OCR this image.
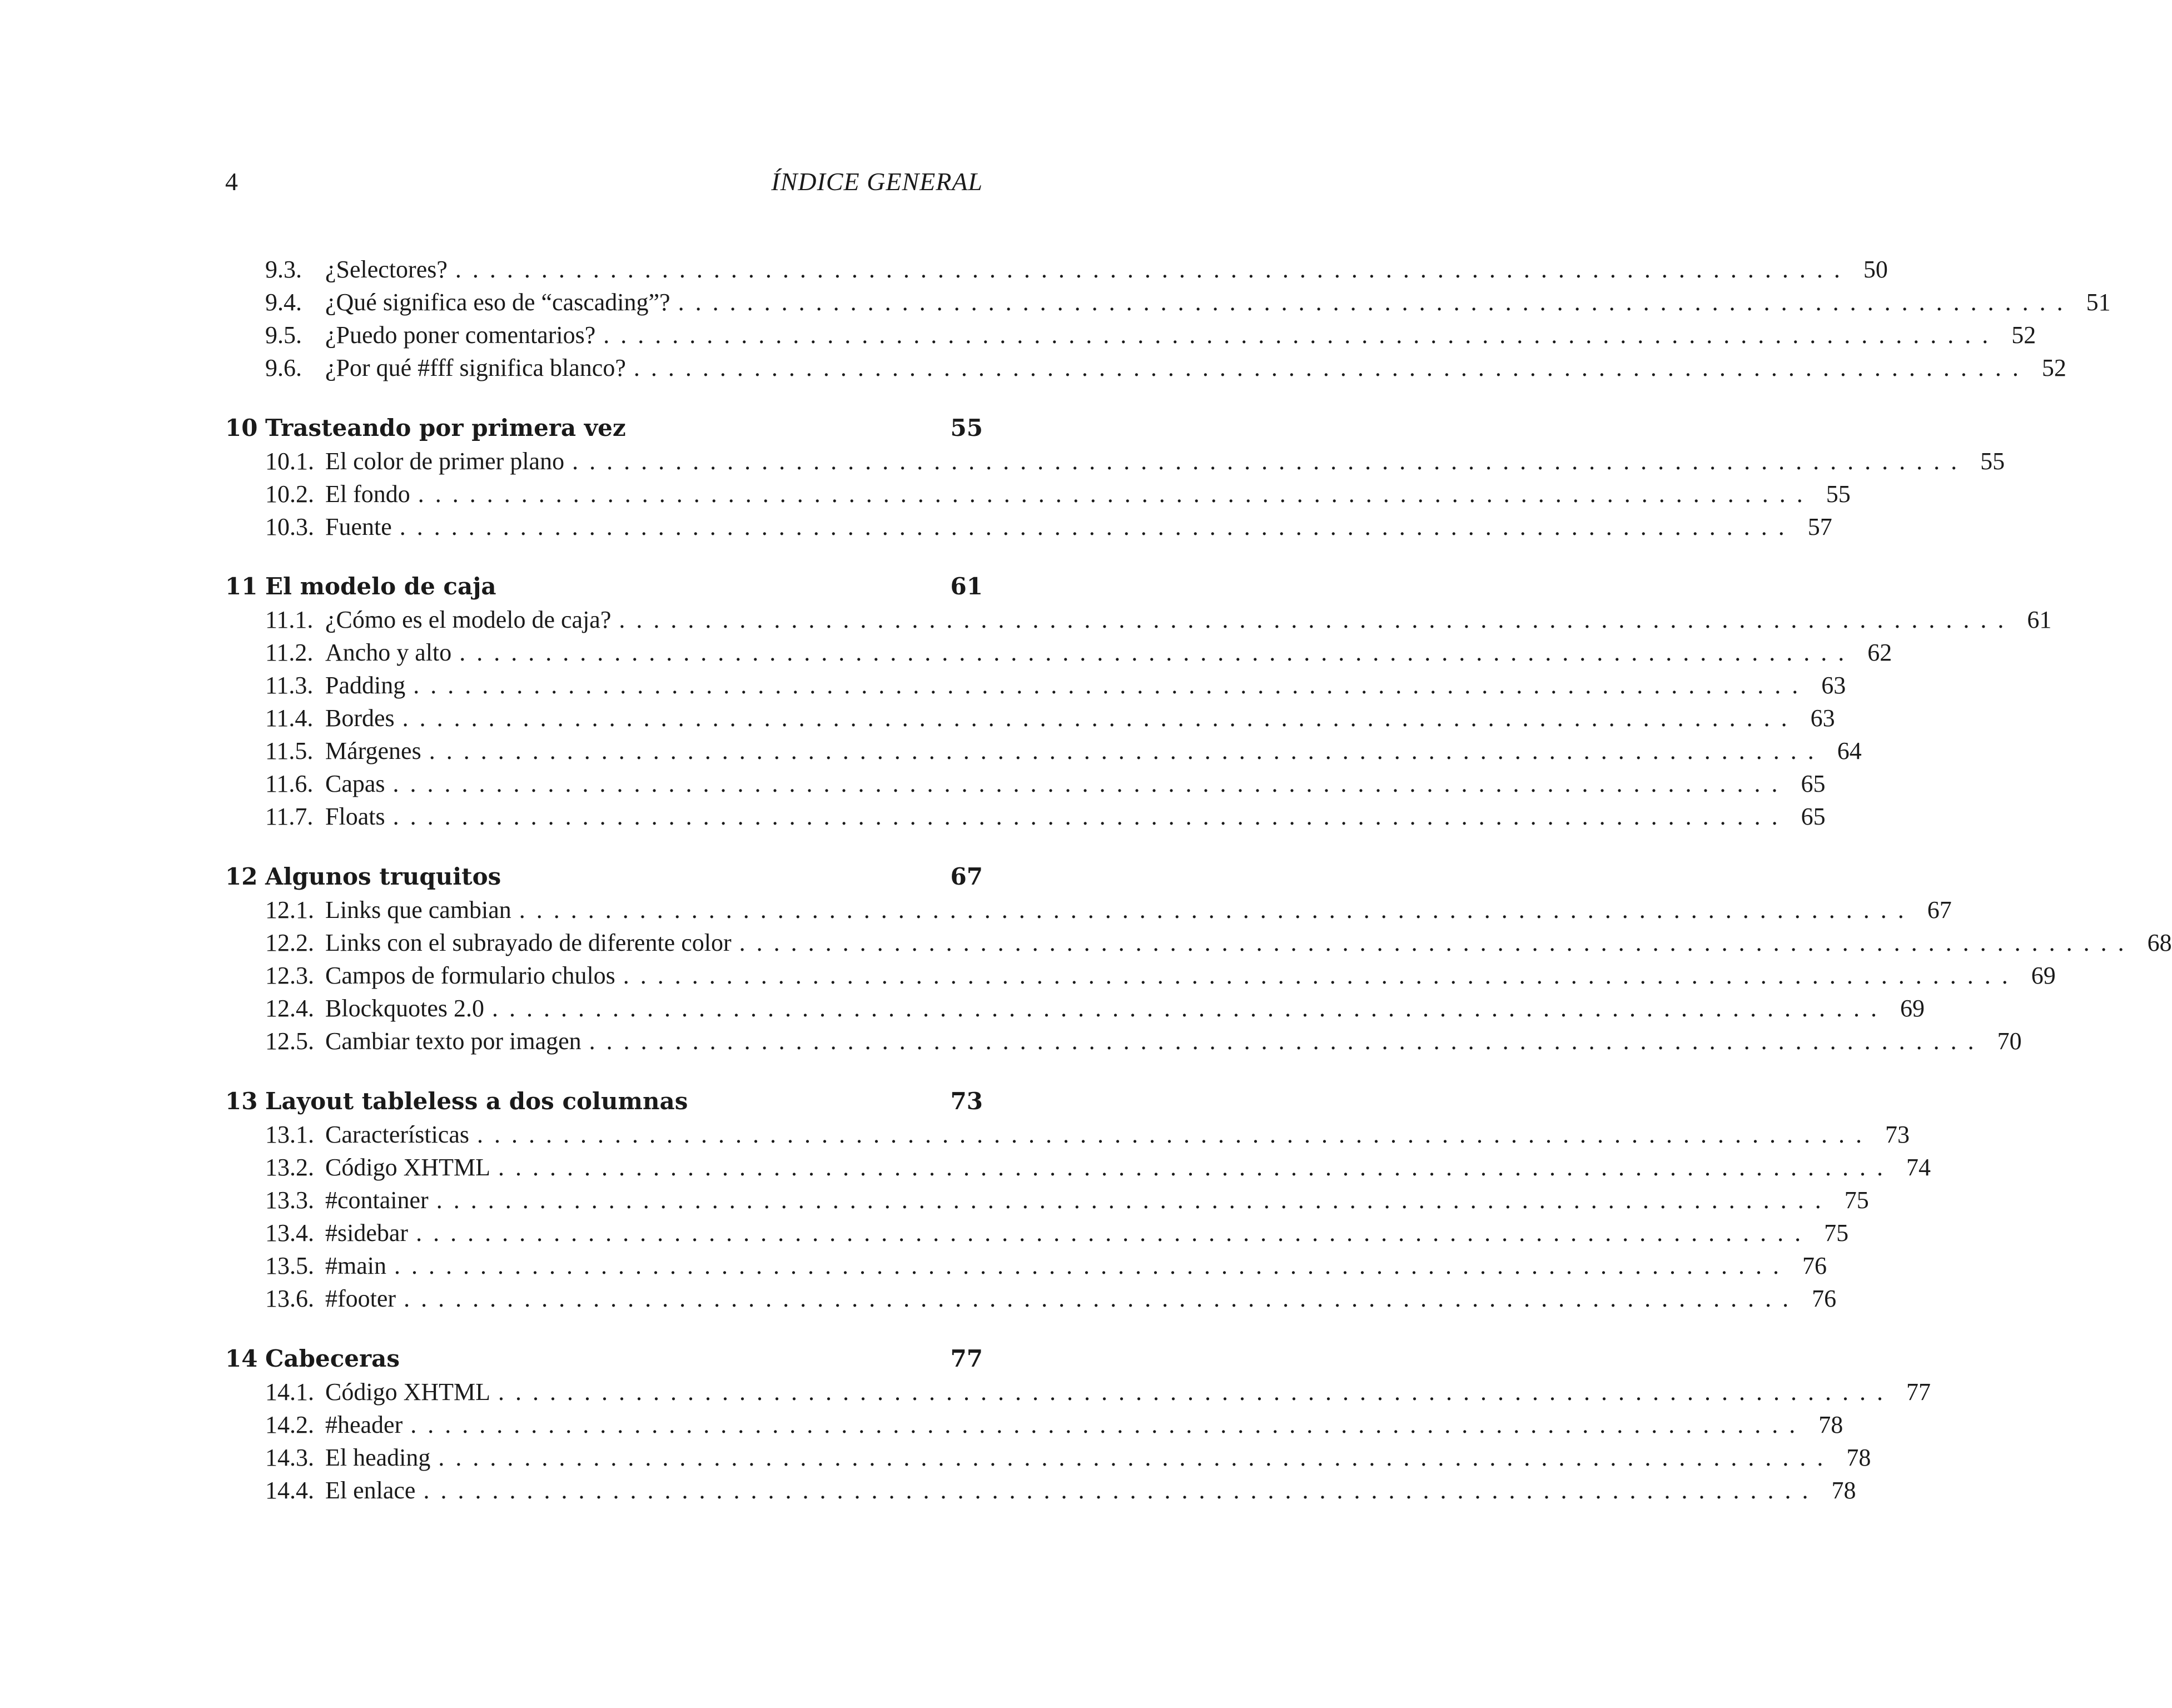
4	ÍNDICE GENERAL
9.3. ¿Selectores? ................................................................................. 50
9.4. ¿Qué significa eso de “cascading”? ................................................................................. 51
9.5. ¿Puedo poner comentarios? ................................................................................. 52
9.6. ¿Por qué #fff significa blanco? ................................................................................. 52
10 Trasteando por primera vez	55
10.1. El color de primer plano ................................................................................. 55
10.2. El fondo ................................................................................. 55
10.3. Fuente ................................................................................. 57
11 El modelo de caja	61
11.1. ¿Cómo es el modelo de caja? ................................................................................. 61
11.2. Ancho y alto ................................................................................. 62
11.3. Padding ................................................................................. 63
11.4. Bordes ................................................................................. 63
11.5. Márgenes ................................................................................. 64
11.6. Capas ................................................................................. 65
11.7. Floats ................................................................................. 65
12 Algunos truquitos	67
12.1. Links que cambian ................................................................................. 67
12.2. Links con el subrayado de diferente color ................................................................................. 68
12.3. Campos de formulario chulos ................................................................................. 69
12.4. Blockquotes 2.0 ................................................................................. 69
12.5. Cambiar texto por imagen ................................................................................. 70
13 Layout tableless a dos columnas	73
13.1. Características ................................................................................. 73
13.2. Código XHTML ................................................................................. 74
13.3. #container ................................................................................. 75
13.4. #sidebar ................................................................................. 75
13.5. #main ................................................................................. 76
13.6. #footer ................................................................................. 76
14 Cabeceras	77
14.1. Código XHTML ................................................................................. 77
14.2. #header ................................................................................. 78
14.3. El heading ................................................................................. 78
14.4. El enlace ................................................................................. 78
